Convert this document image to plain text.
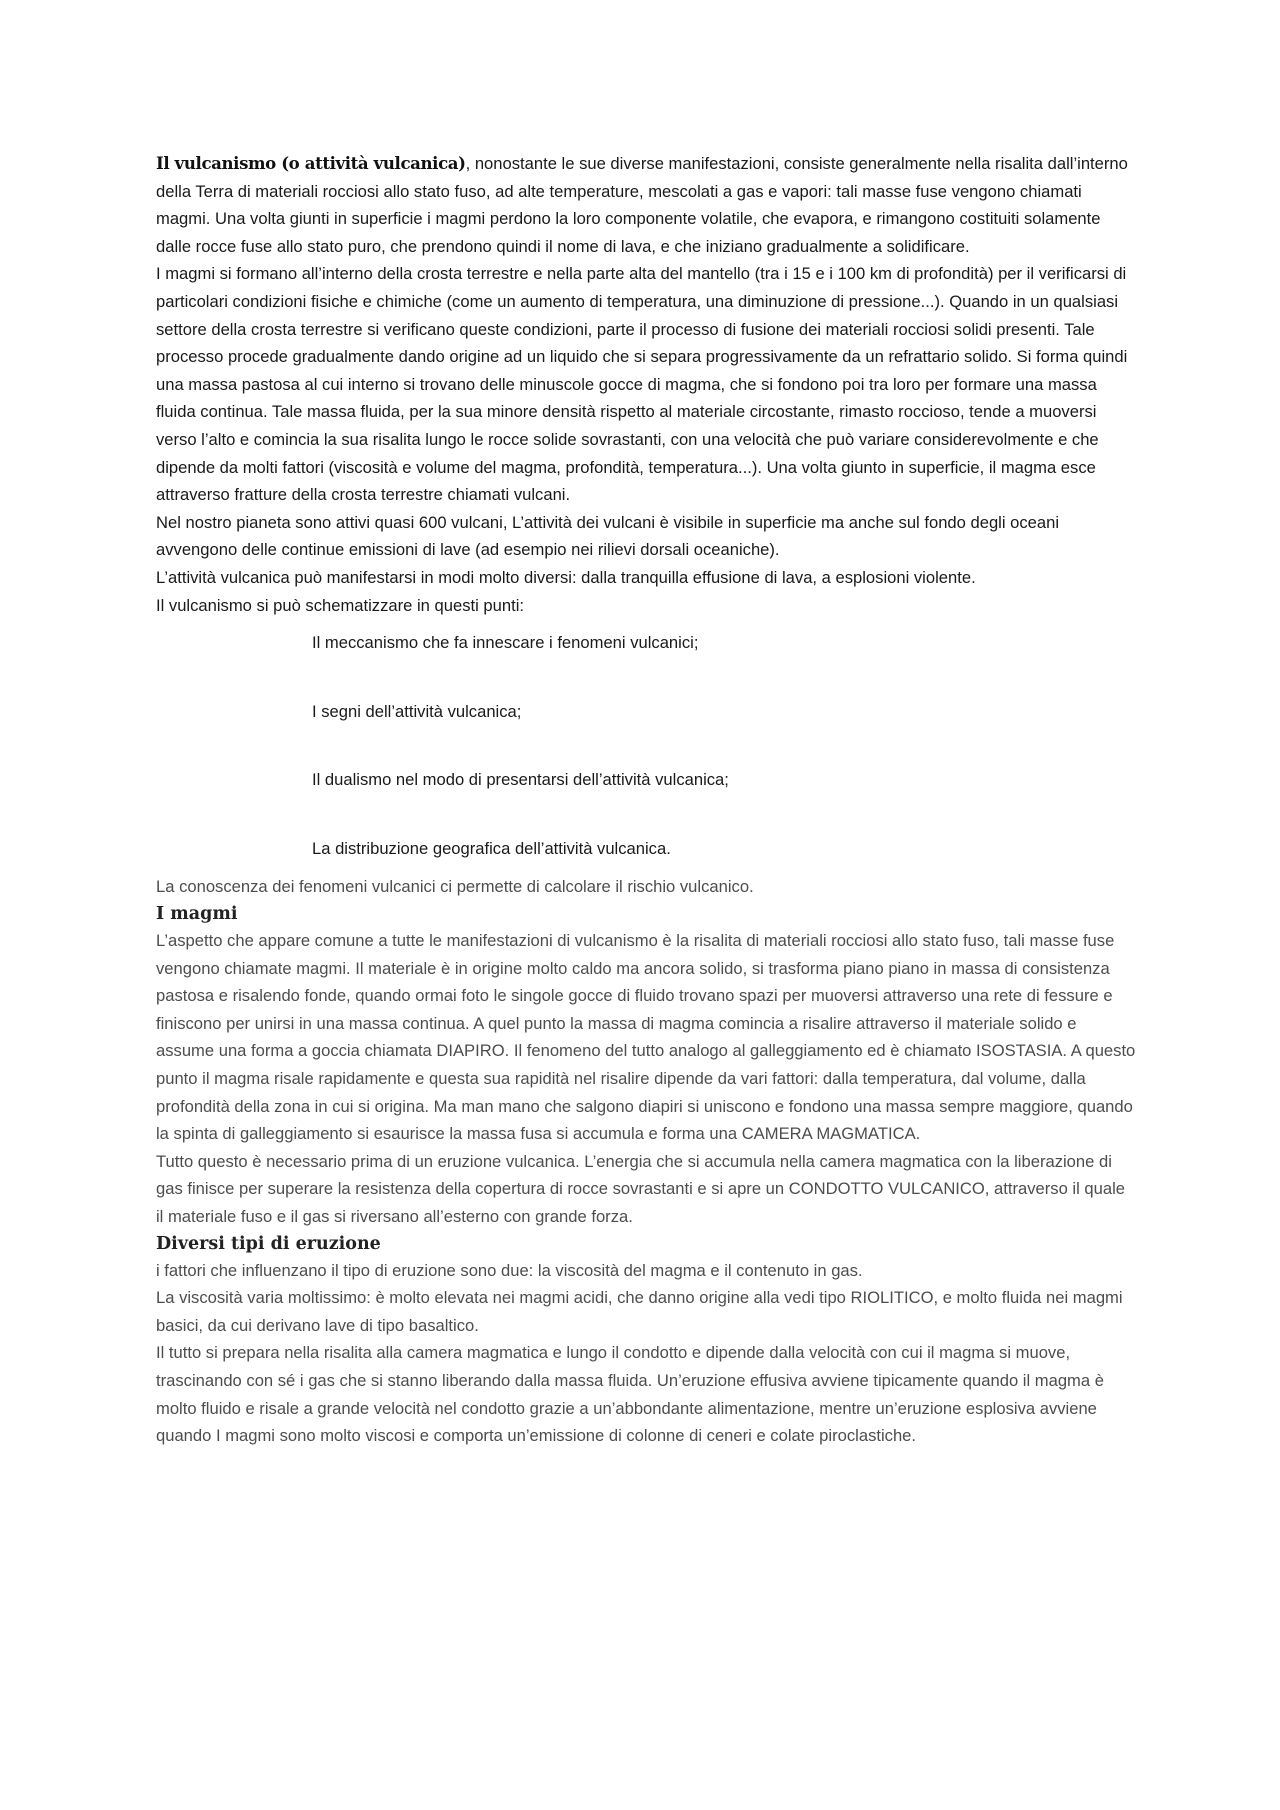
Il vulcanismo (o attività vulcanica), nonostante le sue diverse manifestazioni, consiste generalmente nella risalita dall’interno della Terra di materiali rocciosi allo stato fuso, ad alte temperature, mescolati a gas e vapori: tali masse fuse vengono chiamati magmi. Una volta giunti in superficie i magmi perdono la loro componente volatile, che evapora, e rimangono costituiti solamente dalle rocce fuse allo stato puro, che prendono quindi il nome di lava, e che iniziano gradualmente a solidificare.

I magmi si formano all’interno della crosta terrestre e nella parte alta del mantello (tra i 15 e i 100 km di profondità) per il verificarsi di particolari condizioni fisiche e chimiche (come un aumento di temperatura, una diminuzione di pressione...). Quando in un qualsiasi settore della crosta terrestre si verificano queste condizioni, parte il processo di fusione dei materiali rocciosi solidi presenti. Tale processo procede gradualmente dando origine ad un liquido che si separa progressivamente da un refrattario solido. Si forma quindi una massa pastosa al cui interno si trovano delle minuscole gocce di magma, che si fondono poi tra loro per formare una massa fluida continua. Tale massa fluida, per la sua minore densità rispetto al materiale circostante, rimasto roccioso, tende a muoversi verso l’alto e comincia la sua risalita lungo le rocce solide sovrastanti, con una velocità che può variare considerevolmente e che dipende da molti fattori (viscosità e volume del magma, profondità, temperatura...). Una volta giunto in superficie, il magma esce attraverso fratture della crosta terrestre chiamati vulcani.

Nel nostro pianeta sono attivi quasi 600 vulcani, L’attività dei vulcani è visibile in superficie ma anche sul fondo degli oceani avvengono delle continue emissioni di lave (ad esempio nei rilievi dorsali oceaniche).

L’attività vulcanica può manifestarsi in modi molto diversi: dalla tranquilla effusione di lava, a esplosioni violente.

Il vulcanismo si può schematizzare in questi punti:

Il meccanismo che fa innescare i fenomeni vulcanici;
I segni dell’attività vulcanica;
Il dualismo nel modo di presentarsi dell’attività vulcanica;
La distribuzione geografica dell’attività vulcanica.

La conoscenza dei fenomeni vulcanici ci permette di calcolare il rischio vulcanico.

I magmi

L’aspetto che appare comune a tutte le manifestazioni di vulcanismo è la risalita di materiali rocciosi allo stato fuso, tali masse fuse vengono chiamate magmi. Il materiale è in origine molto caldo ma ancora solido, si trasforma piano piano in massa di consistenza pastosa e risalendo fonde, quando ormai foto le singole gocce di fluido trovano spazi per muoversi attraverso una rete di fessure e finiscono per unirsi in una massa continua. A quel punto la massa di magma comincia a risalire attraverso il materiale solido e assume una forma a goccia chiamata DIAPIRO. Il fenomeno del tutto analogo al galleggiamento ed è chiamato ISOSTASIA. A questo punto il magma risale rapidamente e questa sua rapidità nel risalire dipende da vari fattori: dalla temperatura, dal volume, dalla profondità della zona in cui si origina. Ma man mano che salgono diapiri si uniscono e fondono una massa sempre maggiore, quando la spinta di galleggiamento si esaurisce la massa fusa si accumula e forma una CAMERA MAGMATICA.

Tutto questo è necessario prima di un eruzione vulcanica. L’energia che si accumula nella camera magmatica con la liberazione di gas finisce per superare la resistenza della copertura di rocce sovrastanti e si apre un CONDOTTO VULCANICO, attraverso il quale il materiale fuso e il gas si riversano all’esterno con grande forza.

Diversi tipi di eruzione

i fattori che influenzano il tipo di eruzione sono due: la viscosità del magma e il contenuto in gas.

La viscosità varia moltissimo: è molto elevata nei magmi acidi, che danno origine alla vedi tipo RIOLITICO, e molto fluida nei magmi basici, da cui derivano lave di tipo basaltico.

Il tutto si prepara nella risalita alla camera magmatica e lungo il condotto e dipende dalla velocità con cui il magma si muove, trascinando con sé i gas che si stanno liberando dalla massa fluida. Un’eruzione effusiva avviene tipicamente quando il magma è molto fluido e risale a grande velocità nel condotto grazie a un’abbondante alimentazione, mentre un’eruzione esplosiva avviene quando I magmi sono molto viscosi e comporta un’emissione di colonne di ceneri e colate piroclastiche.
